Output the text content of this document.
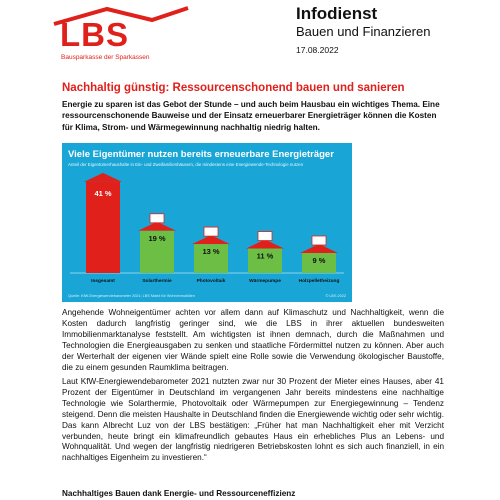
LBS
Bausparkasse der Sparkassen
Infodienst
Bauen und Finanzieren
17.08.2022
Nachhaltig günstig: Ressourcenschonend bauen und sanieren
Energie zu sparen ist das Gebot der Stunde – und auch beim Hausbau ein wichtiges Thema. Eine ressourcenschonende Bauweise und der Einsatz erneuerbarer Energieträger können die Kosten für Klima, Strom- und Wärmegewinnung nachhaltig niedrig halten.
41 %
Insgesamt
19 %
Solarthermie
13 %
Photovoltaik
11 %
Wärmepumpe
9 %
Holzpelletheizung
Viele Eigentümer nutzen bereits erneuerbare Energieträger
Anteil der Eigentümerhaushalte in Ein- und Zweifamilienhäusern, die mindestens eine Energiewende-Technologie nutzen
Quelle: KfW-Energiewendebarometer 2021; LBS Markt für Wohnimmobilien	© LBS 2022
Angehende Wohneigentümer achten vor allem dann auf Klimaschutz und Nachhaltigkeit, wenn die Kosten dadurch langfristig geringer sind, wie die LBS in ihrer aktuellen bundesweiten Immobilienmarktanalyse feststellt. Am wichtigsten ist ihnen demnach, durch die Maßnahmen und Technologien die Energieausgaben zu senken und staatliche Fördermittel nutzen zu können. Aber auch der Werterhalt der eigenen vier Wände spielt eine Rolle sowie die Verwendung ökologischer Baustoffe, die zu einem gesunden Raumklima beitragen.
Laut KfW-Energiewendebarometer 2021 nutzten zwar nur 30 Prozent der Mieter eines Hauses, aber 41 Prozent der Eigentümer in Deutschland im vergangenen Jahr bereits mindestens eine nachhaltige Technologie wie Solarthermie, Photovoltaik oder Wärmepumpen zur Energiegewinnung – Tendenz steigend. Denn die meisten Haushalte in Deutschland finden die Energiewende wichtig oder sehr wichtig. Das kann Albrecht Luz von der LBS bestätigen: „Früher hat man Nachhaltigkeit eher mit Verzicht verbunden, heute bringt ein klimafreundlich gebautes Haus ein erhebliches Plus an Lebens- und Wohnqualität. Und wegen der langfristig niedrigeren Betriebskosten lohnt es sich auch finanziell, in ein nachhaltiges Eigenheim zu investieren.“
Nachhaltiges Bauen dank Energie- und Ressourceneffizienz
